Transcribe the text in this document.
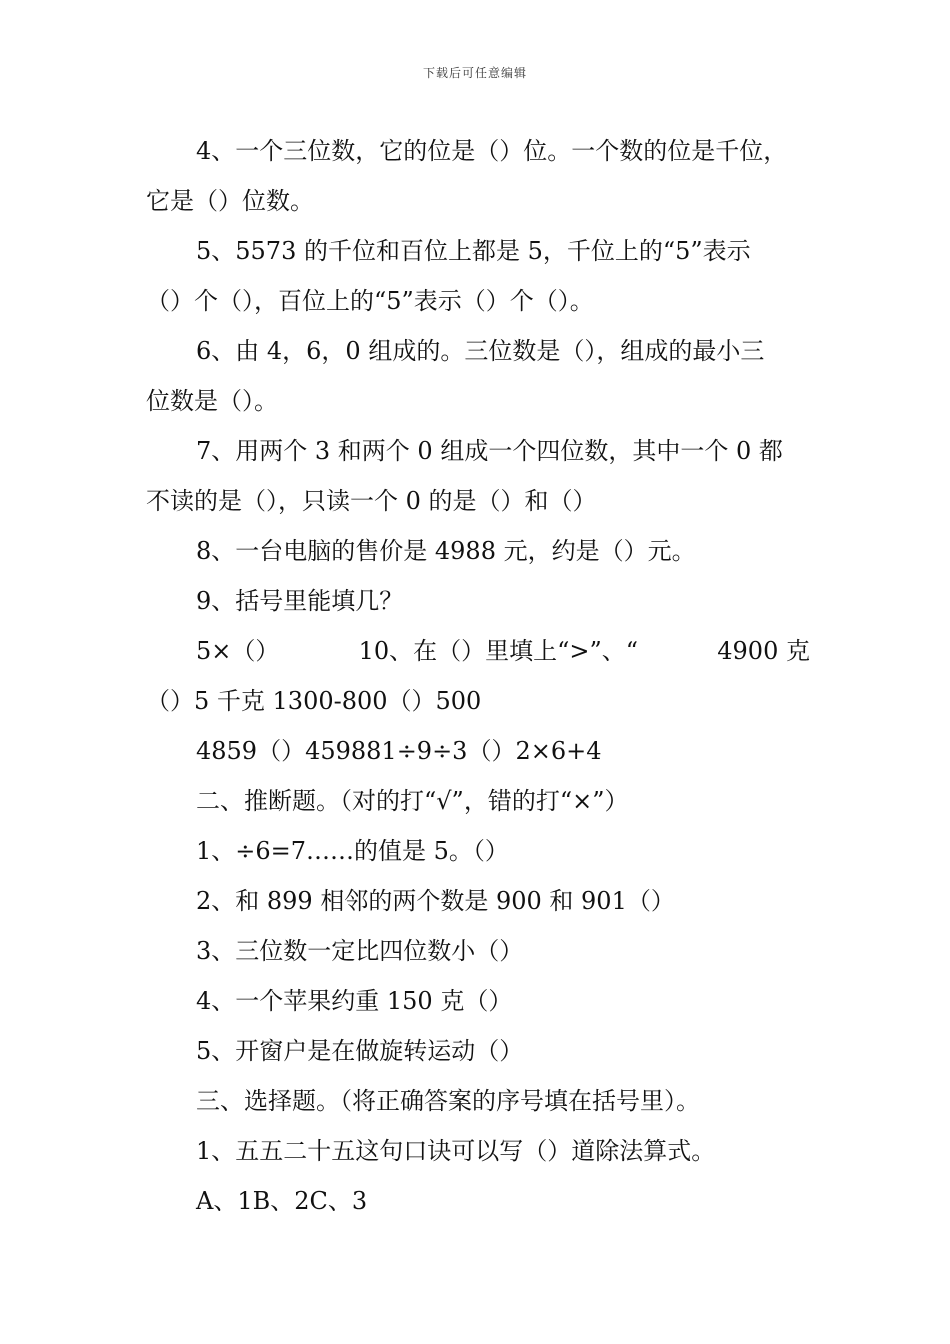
下载后可任意编辑
4、一个三位数，它的位是（）位。一个数的位是千位，
它是（）位数。
5、5573 的千位和百位上都是 5，千位上的“5”表示
（）个（），百位上的“5”表示（）个（）。
6、由 4，6，0 组成的。三位数是（），组成的最小三
位数是（）。
7、用两个 3 和两个 0 组成一个四位数，其中一个 0 都
不读的是（），只读一个 0 的是（）和（）
8、一台电脑的售价是 4988 元，约是（）元。
9、括号里能填几？
5×（）	10、在（）里填上“>”、“	4900 克
（）5 千克 1300-800（）500
4859（）459881÷9÷3（）2×6+4
二、推断题。（对的打“√”，错的打“×”）
1、÷6=7……的值是 5。（）
2、和 899 相邻的两个数是 900 和 901（）
3、三位数一定比四位数小（）
4、一个苹果约重 150 克（）
5、开窗户是在做旋转运动（）
三、选择题。（将正确答案的序号填在括号里）。
1、五五二十五这句口诀可以写（）道除法算式。
A、1B、2C、3
